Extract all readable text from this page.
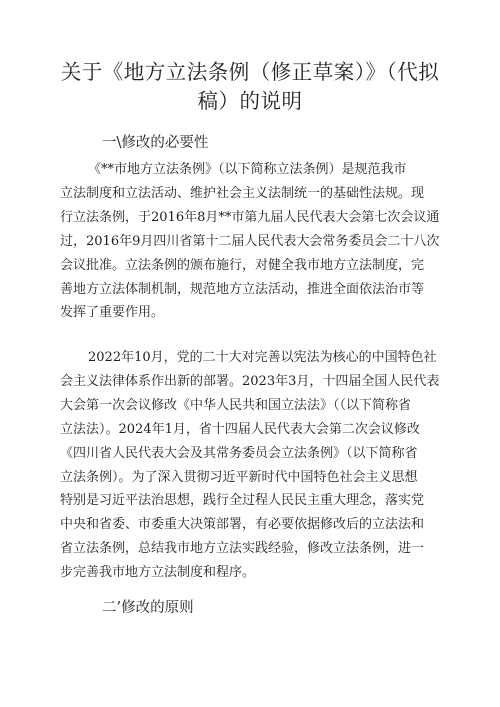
关于《地方立法条例（修正草案）》（代拟
稿）的说明
一\修改的必要性
《**市地方立法条例》（以下简称立法条例）是规范我市
立法制度和立法活动、维护社会主义法制统一的基础性法规。现
行立法条例，于2016年8月**市第九届人民代表大会第七次会议通
过，2016年9月四川省第十二届人民代表大会常务委员会二十八次
会议批准。立法条例的颁布施行，对健全我市地方立法制度，完
善地方立法体制机制，规范地方立法活动，推进全面依法治市等
发挥了重要作用。
2022年10月，党的二十大对完善以宪法为核心的中国特色社
会主义法律体系作出新的部署。2023年3月，十四届全国人民代表
大会第一次会议修改《中华人民共和国立法法》（（以下简称省
立法法）。2024年1月，省十四届人民代表大会第二次会议修改
《四川省人民代表大会及其常务委员会立法条例》（以下简称省
立法条例）。为了深入贯彻习近平新时代中国特色社会主义思想
特别是习近平法治思想，践行全过程人民民主重大理念，落实党
中央和省委、市委重大决策部署，有必要依据修改后的立法法和
省立法条例，总结我市地方立法实践经验，修改立法条例，进一
步完善我市地方立法制度和程序。
二’修改的原则
